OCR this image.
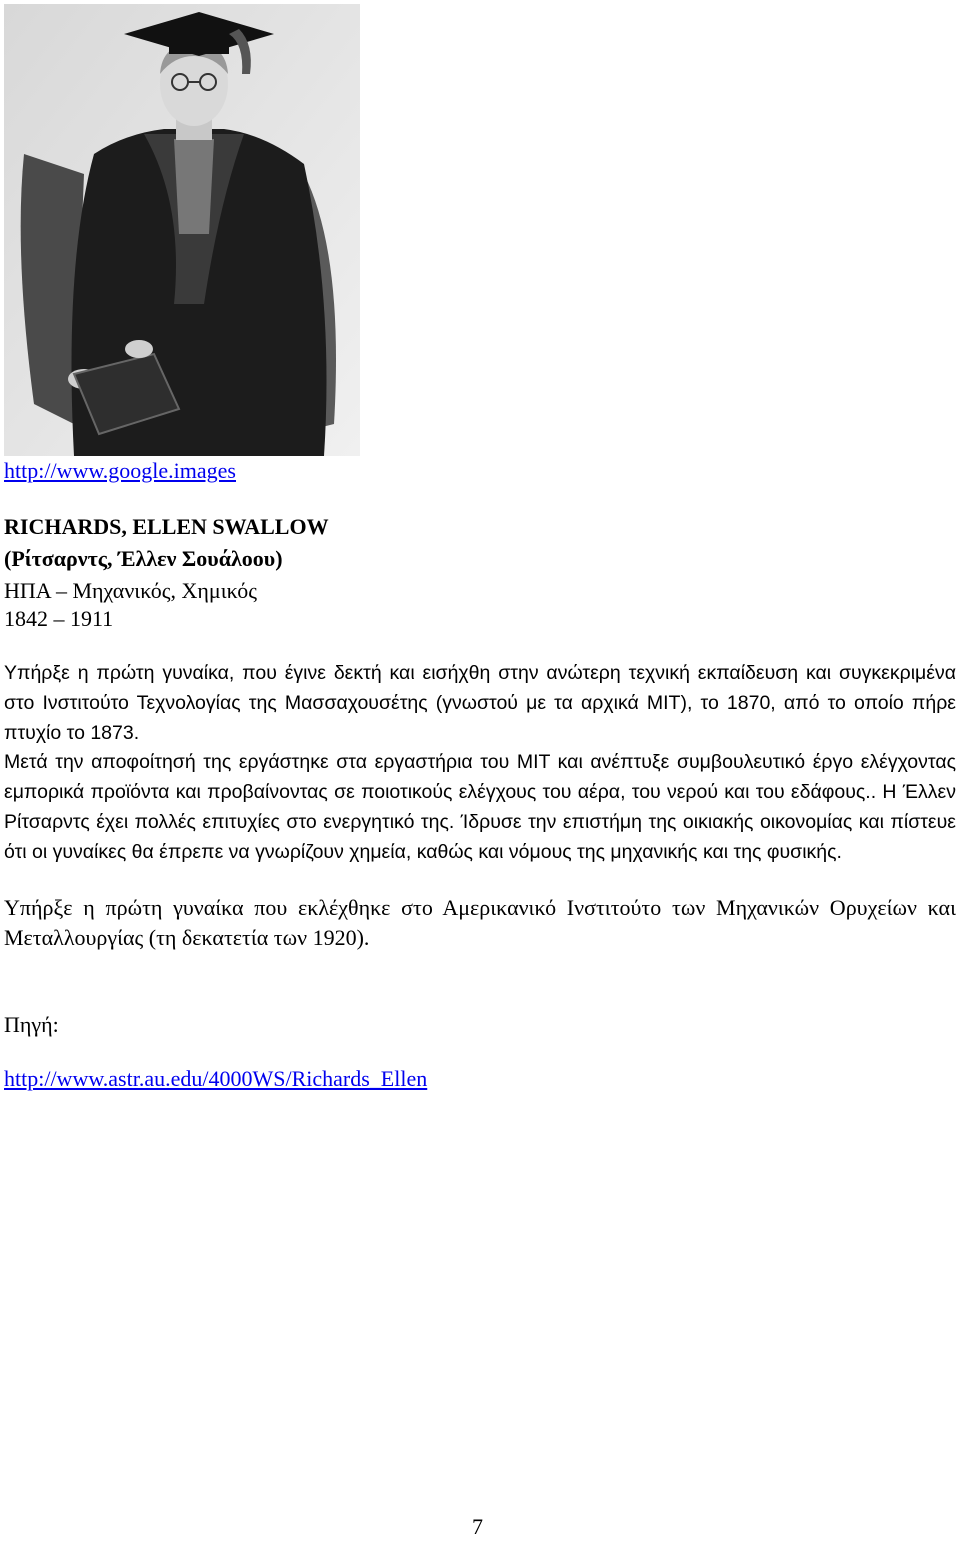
http://www.google.images
RICHARDS, ELLEN SWALLOW
(Ρίτσαρντς, Έλλεν Σουάλοου)
ΗΠΑ – Μηχανικός, Χημικός
1842 – 1911

Υπήρξε η πρώτη γυναίκα, που έγινε δεκτή και εισήχθη στην ανώτερη τεχνική εκπαίδευση και συγκεκριμένα στο Ινστιτούτο Τεχνολογίας της Μασσαχουσέτης (γνωστού με τα αρχικά MIT), το 1870, από το οποίο πήρε πτυχίο το 1873.

Μετά την αποφοίτησή της εργάστηκε στα εργαστήρια του MIT και ανέπτυξε συμβουλευτικό έργο ελέγχοντας εμπορικά προϊόντα και προβαίνοντας σε ποιοτικούς ελέγχους του αέρα, του νερού και του εδάφους.. Η Έλλεν Ρίτσαρντς έχει πολλές επιτυχίες στο ενεργητικό της. Ίδρυσε την επιστήμη της οικιακής οικονομίας και πίστευε ότι οι γυναίκες θα έπρεπε να γνωρίζουν χημεία, καθώς και νόμους της μηχανικής και της φυσικής.

Υπήρξε η πρώτη γυναίκα που εκλέχθηκε στο Αμερικανικό Ινστιτούτο των Μηχανικών Ορυχείων και Μεταλλουργίας (τη δεκατετία των 1920).

Πηγή:
http://www.astr.au.edu/4000WS/Richards_Ellen
7
